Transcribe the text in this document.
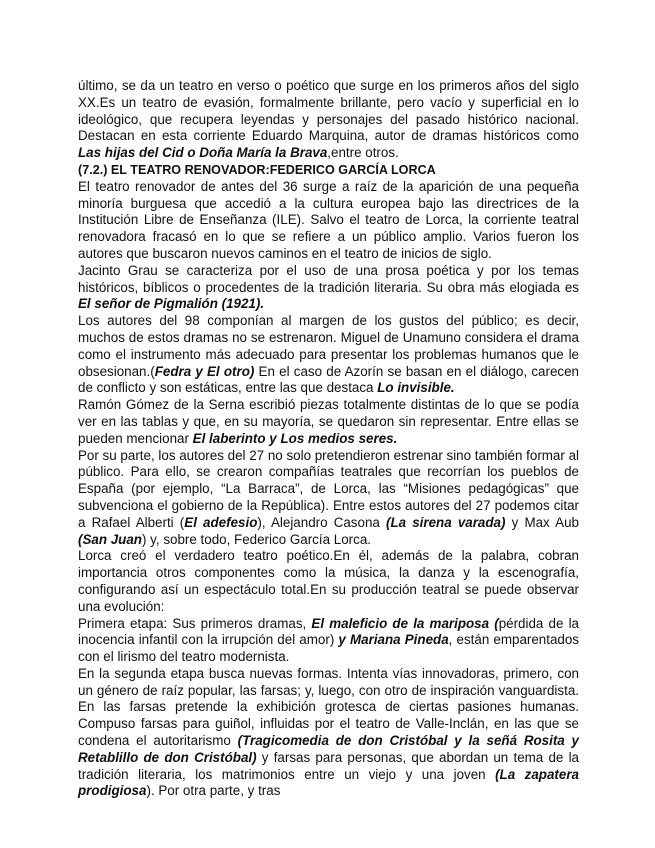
último, se da un teatro en verso o poético que surge en los primeros años del siglo XX.Es un teatro de evasión, formalmente brillante, pero vacío y superficial en lo ideológico, que recupera leyendas y personajes del pasado histórico nacional. Destacan en esta corriente Eduardo Marquina, autor de dramas históricos como Las hijas del Cid o Doña María la Brava,entre otros.

(7.2.) EL TEATRO RENOVADOR:FEDERICO GARCÍA LORCA

El teatro renovador de antes del 36 surge a raíz de la aparición de una pequeña minoría burguesa que accedió a la cultura europea bajo las directrices de la Institución Libre de Enseñanza (ILE). Salvo el teatro de Lorca, la corriente teatral renovadora fracasó en lo que se refiere a un público amplio. Varios fueron los autores que buscaron nuevos caminos en el teatro de inicios de siglo.

Jacinto Grau se caracteriza por el uso de una prosa poética y por los temas históricos, bíblicos o procedentes de la tradición literaria. Su obra más elogiada es El señor de Pigmalión (1921).

Los autores del 98 componían al margen de los gustos del público; es decir, muchos de estos dramas no se estrenaron. Miguel de Unamuno considera el drama como el instrumento más adecuado para presentar los problemas humanos que le obsesionan.(Fedra y El otro) En el caso de Azorín se basan en el diálogo, carecen de conflicto y son estáticas, entre las que destaca Lo invisible.

Ramón Gómez de la Serna escribió piezas totalmente distintas de lo que se podía ver en las tablas y que, en su mayoría, se quedaron sin representar. Entre ellas se pueden mencionar El laberinto y Los medios seres.

Por su parte, los autores del 27 no solo pretendieron estrenar sino también formar al público. Para ello, se crearon compañías teatrales que recorrían los pueblos de España (por ejemplo, “La Barraca”, de Lorca, las “Misiones pedagógicas” que subvenciona el gobierno de la República). Entre estos autores del 27 podemos citar a Rafael Alberti (El adefesio), Alejandro Casona (La sirena varada) y Max Aub (San Juan) y, sobre todo, Federico García Lorca.

Lorca creó el verdadero teatro poético.En él, además de la palabra, cobran importancia otros componentes como la música, la danza y la escenografía, configurando así un espectáculo total.En su producción teatral se puede observar una evolución:

Primera etapa: Sus primeros dramas, El maleficio de la mariposa (pérdida de la inocencia infantil con la irrupción del amor) y Mariana Pineda, están emparentados con el lirismo del teatro modernista.

En la segunda etapa busca nuevas formas. Intenta vías innovadoras, primero, con un género de raíz popular, las farsas; y, luego, con otro de inspiración vanguardista. En las farsas pretende la exhibición grotesca de ciertas pasiones humanas. Compuso farsas para guiñol, influidas por el teatro de Valle-Inclán, en las que se condena el autoritarismo (Tragicomedia de don Cristóbal y la señá Rosita y Retablillo de don Cristóbal) y farsas para personas, que abordan un tema de la tradición literaria, los matrimonios entre un viejo y una joven (La zapatera prodigiosa). Por otra parte, y tras
